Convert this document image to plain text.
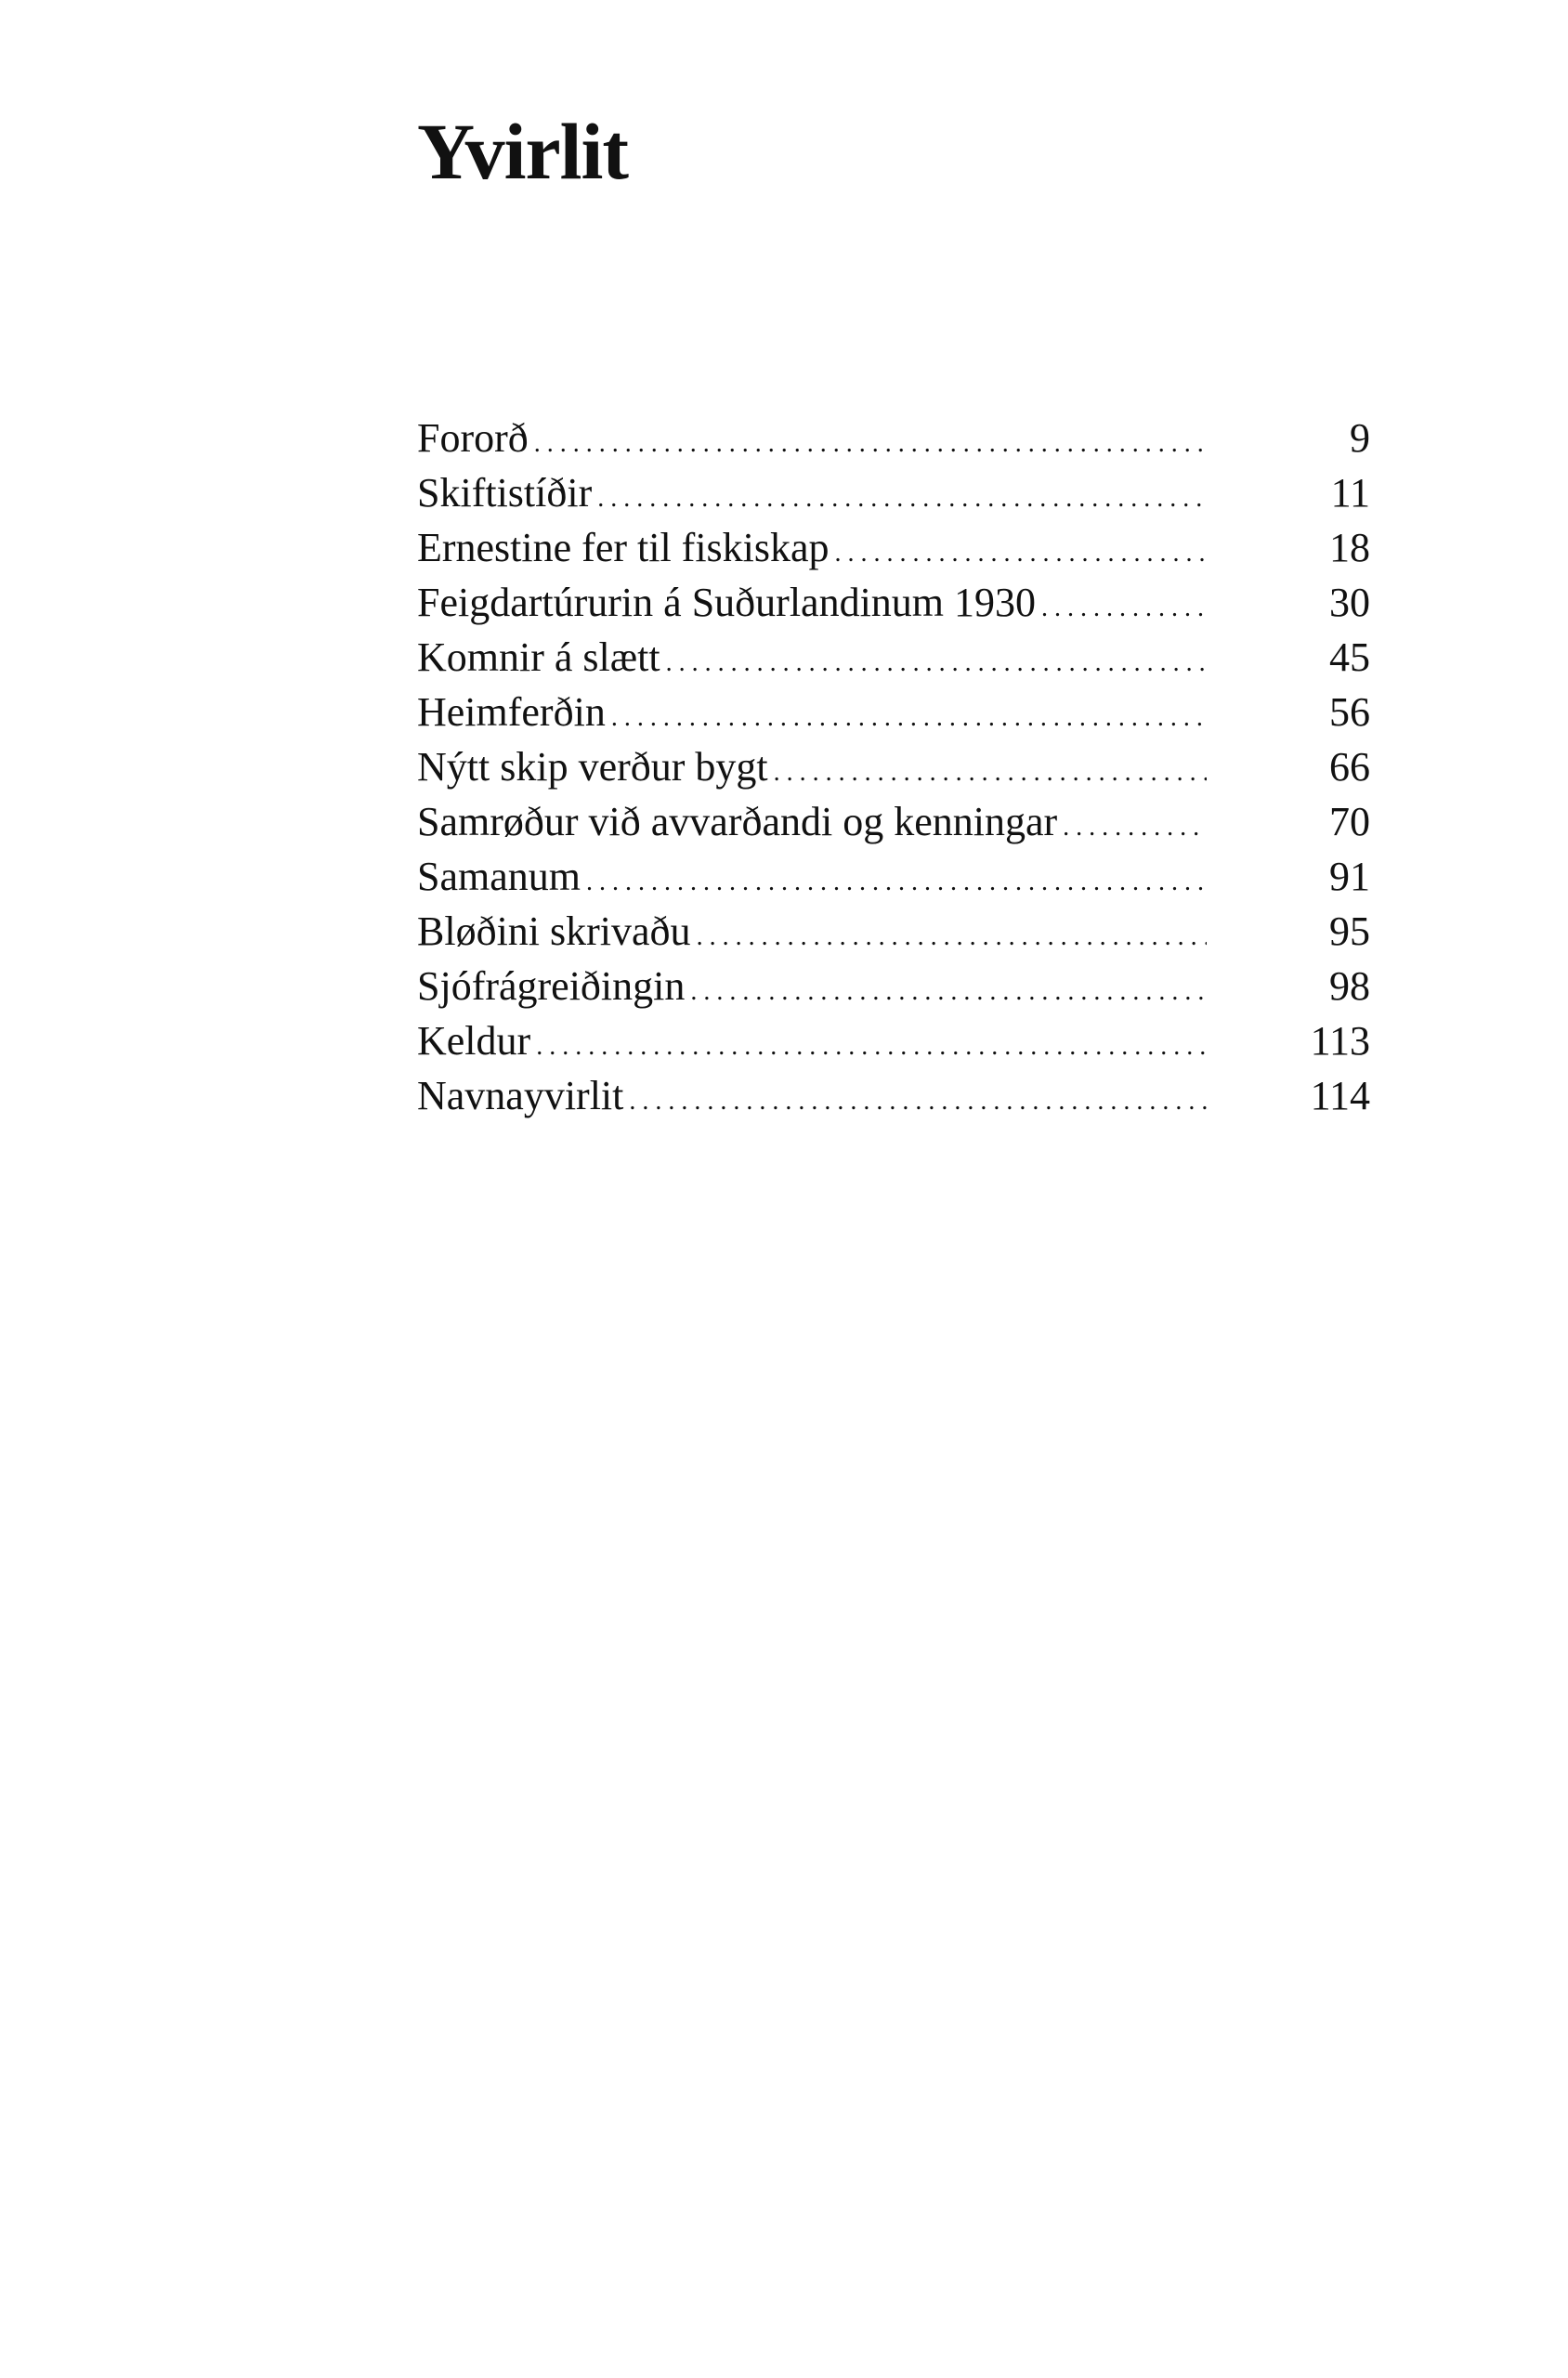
Yvirlit
Fororð . . .	9
Skiftistíðir . . .	11
Ernestine fer til fiskiskap . . .	18
Feigdartúrurin á Suðurlandinum 1930 . . .	30
Komnir á slætt . . .	45
Heimferðin . . .	56
Nýtt skip verður bygt . . .	66
Samrøður við avvarðandi og kenningar . . .	70
Samanum . . .	91
Bløðini skrivaðu . . .	95
Sjófrágreiðingin . . .	98
Keldur . . .	113
Navnayvirlit . . .	114
